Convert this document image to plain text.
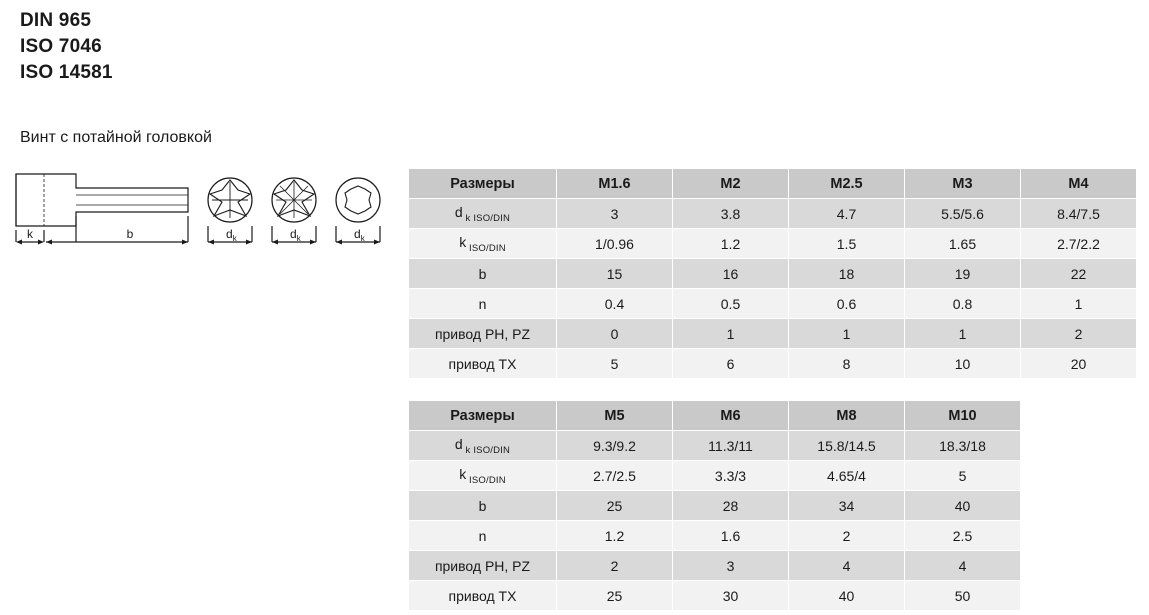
DIN 965
ISO 7046
ISO 14581
Винт с потайной головкой
k	b	$d_k$	$d_k$	$d_k$
Размеры	M1.6	M2	M2.5	M3	M4
d $_{k ISO/DIN}$	3	3.8	4.7	5.5/5.6	8.4/7.5
k $_{ISO/DIN}$	1/0.96	1.2	1.5	1.65	2.7/2.2
b	15	16	18	19	22
n	0.4	0.5	0.6	0.8	1
привод PH, PZ	0	1	1	1	2
привод TX	5	6	8	10	20
Размеры	M5	M6	M8	M10
d $_{k ISO/DIN}$	9.3/9.2	11.3/11	15.8/14.5	18.3/18
k $_{ISO/DIN}$	2.7/2.5	3.3/3	4.65/4	5
b	25	28	34	40
n	1.2	1.6	2	2.5
привод PH, PZ	2	3	4	4
привод TX	25	30	40	50
